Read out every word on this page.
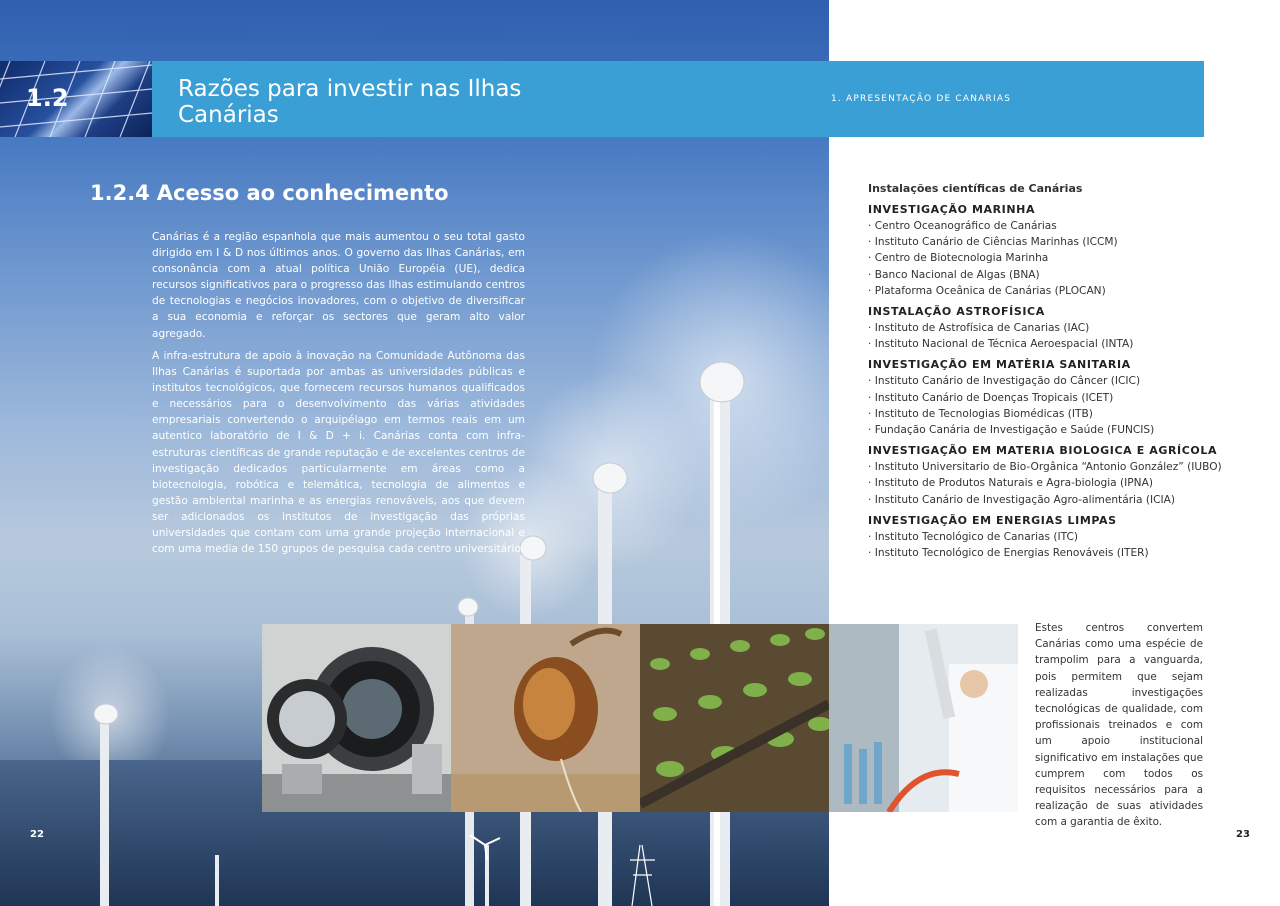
1.2	Razões para investir nas Ilhas Canárias
1. APRESENTAÇÃO DE CANARIAS
1.2.4 Acesso ao conhecimento

Canárias é a região espanhola que mais aumentou o seu total gasto dirigido em I & D nos últimos anos. O governo das Ilhas Canárias, em consonância com a atual política União Européia (UE), dedica recursos significativos para o progresso das Ilhas estimulando centros de tecnologias e negócios inovadores, com o objetivo de diversificar a sua economia e reforçar os sectores que geram alto valor agregado.

A infra-estrutura de apoio à inovação na Comunidade Autônoma das Ilhas Canárias é suportada por ambas as universidades públicas e institutos tecnológicos, que fornecem recursos humanos qualificados e necessários para o desenvolvimento das várias atividades empresariais convertendo o arquipélago em termos reais em um autentico laboratório de I & D + i. Canárias conta com infra-estruturas científicas de grande reputação e de excelentes centros de investigação dedicados particularmente em áreas como a biotecnologia, robótica e telemática, tecnologia de alimentos e gestão ambiental marinha e as energias renováveis, aos que devem ser adicionados os institutos de investigação das próprias universidades que contam com uma grande projeção internacional e com uma media de 150 grupos de pesquisa cada centro universitário.

Instalações científicas de Canárias
INVESTIGAÇÃO MARINHA
· Centro Oceanográfico de Canárias
· Instituto Canário de Ciências Marinhas (ICCM)
· Centro de Biotecnologia Marinha
· Banco Nacional de Algas (BNA)
· Plataforma Oceânica de Canárias (PLOCAN)
INSTALAÇÃO ASTROFÍSICA
· Instituto de Astrofísica de Canarias (IAC)
· Instituto Nacional de Técnica Aeroespacial (INTA)
INVESTIGAÇÃO EM MATÈRIA SANITARIA
· Instituto Canário de Investigação do Câncer (ICIC)
· Instituto Canário de Doenças Tropicais (ICET)
· Instituto de Tecnologias Biomédicas (ITB)
· Fundação Canária de Investigação e Saúde (FUNCIS)
INVESTIGAÇÃO EM MATERIA BIOLOGICA E AGRÍCOLA
· Instituto Universitario de Bio-Orgânica “Antonio González” (IUBO)
· Instituto de Produtos Naturais e Agra-biologia (IPNA)
· Instituto Canário de Investigação Agro-alimentária (ICIA)
INVESTIGAÇÃO EM ENERGIAS LIMPAS
· Instituto Tecnológico de Canarias (ITC)
· Instituto Tecnológico de Energias Renováveis (ITER)

Estes centros convertem Canárias como uma espécie de trampolim para a vanguarda, pois permitem que sejam realizadas investigações tecnológicas de qualidade, com profissionais treinados e com um apoio institucional significativo em instalações que cumprem com todos os requisitos necessários para a realização de suas atividades com a garantia de êxito.

22	23
